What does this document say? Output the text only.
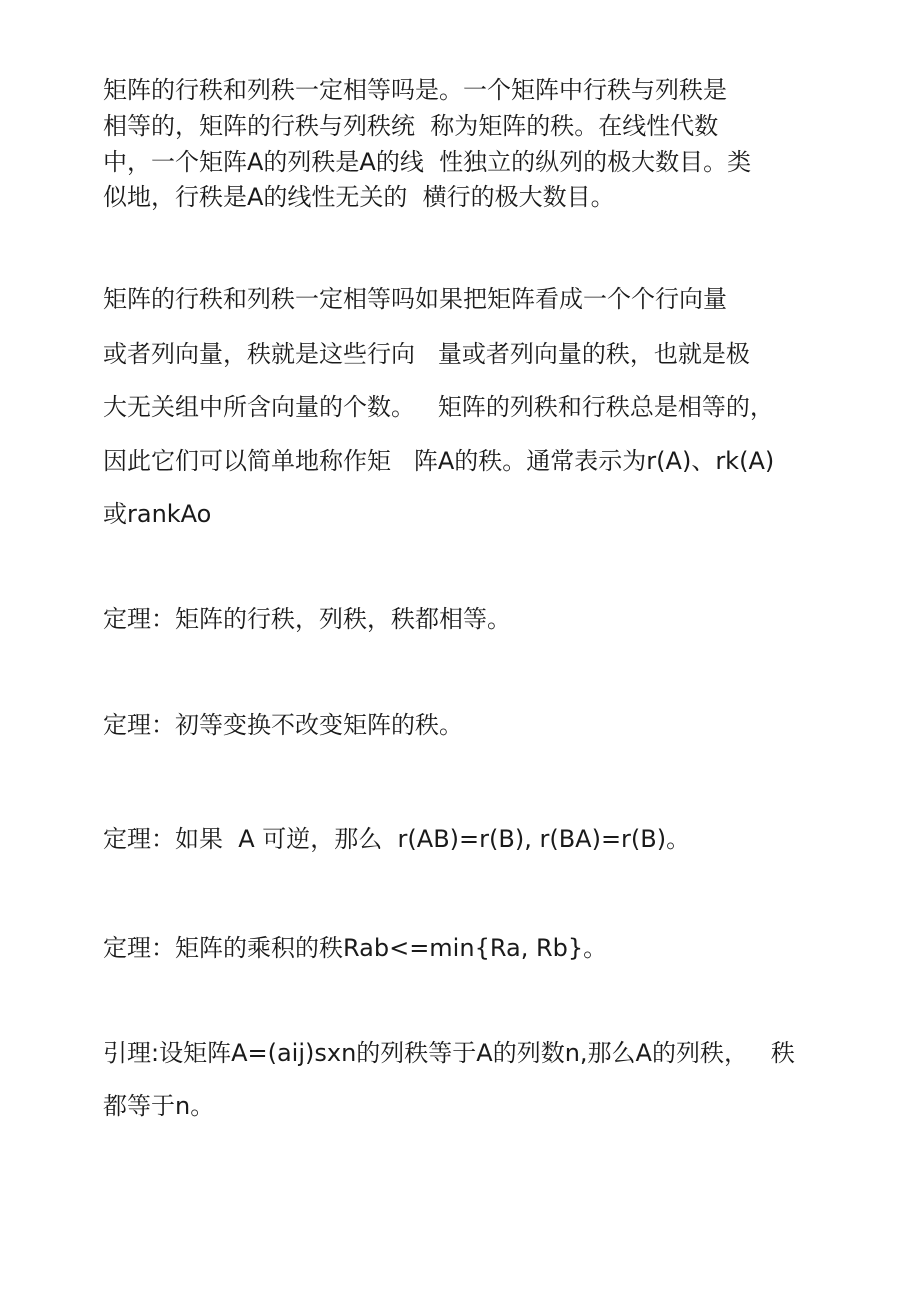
矩阵的行秩和列秩一定相等吗是。一个矩阵中行秩与列秩是

相等的，矩阵的行秩与列秩统  称为矩阵的秩。在线性代数

中，一个矩阵A的列秩是A的线  性独立的纵列的极大数目。类

似地，行秩是A的线性无关的  横行的极大数目。

矩阵的行秩和列秩一定相等吗如果把矩阵看成一个个行向量

或者列向量，秩就是这些行向   量或者列向量的秩，也就是极

大无关组中所含向量的个数。   矩阵的列秩和行秩总是相等的，

因此它们可以简单地称作矩   阵A的秩。通常表示为r(A)、rk(A)

或rankAo

定理：矩阵的行秩，列秩，秩都相等。

定理：初等变换不改变矩阵的秩。

定理：如果  A 可逆，那么  r(AB)=r(B), r(BA)=r(B)。

定理：矩阵的乘积的秩Rab<=min{Ra, Rb}。

引理:设矩阵A=(aij)sxn的列秩等于A的列数n,那么A的列秩，   秩

都等于n。
